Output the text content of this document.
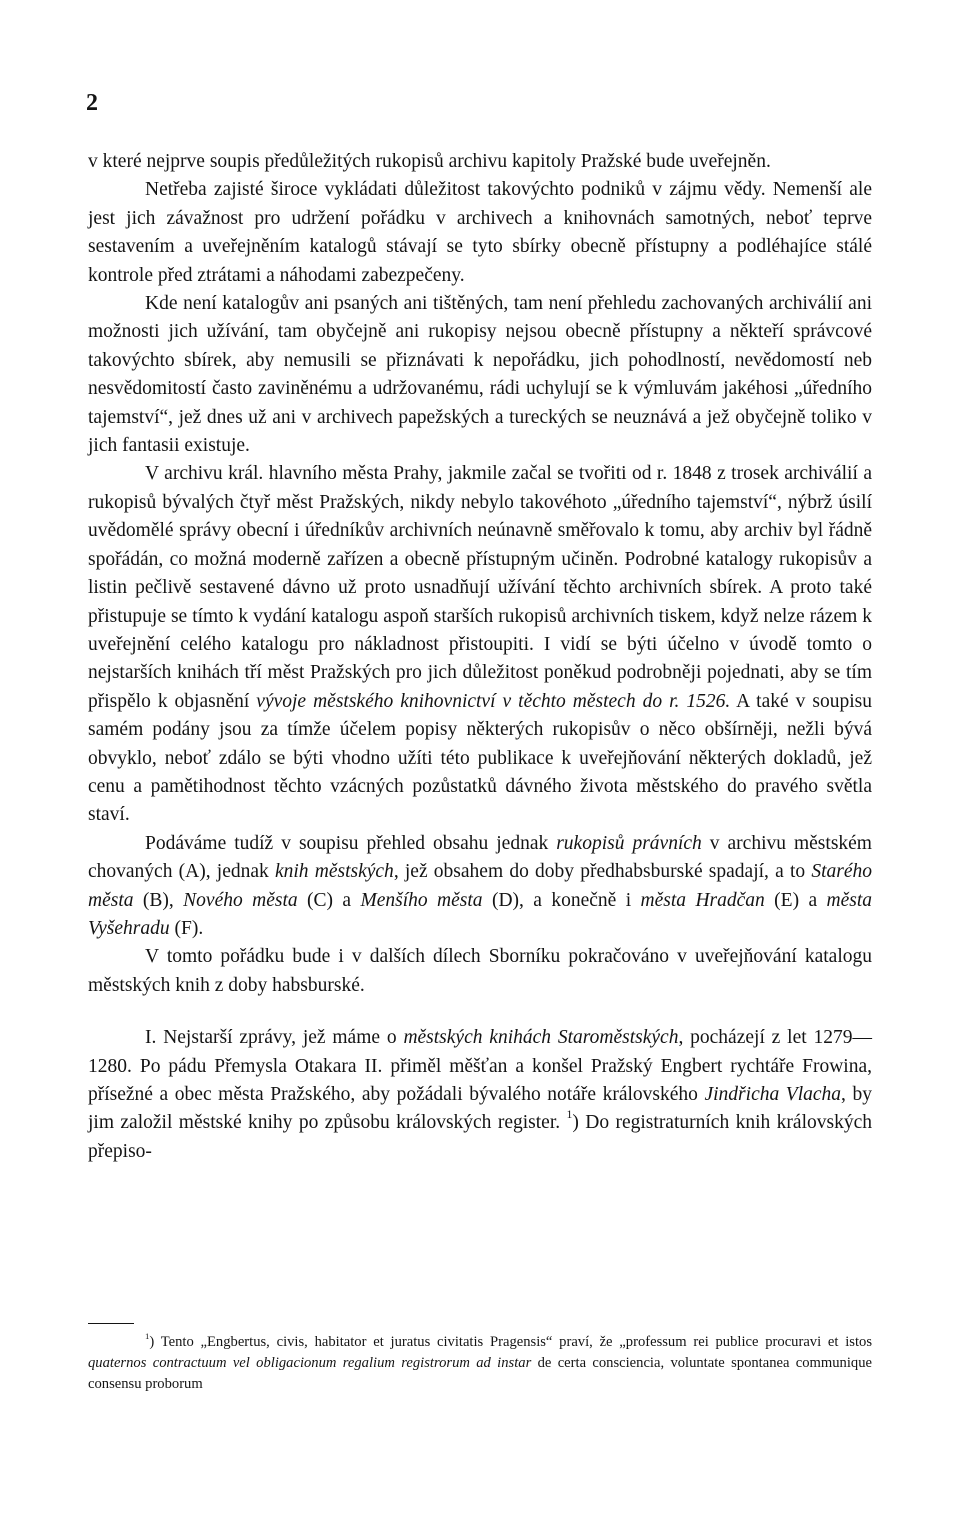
2

v které nejprve soupis předůležitých rukopisů archivu kapitoly Pražské bude uveřejněn.

Netřeba zajisté široce vykládati důležitost takovýchto podniků v zájmu vědy. Nemenší ale jest jich závažnost pro udržení pořádku v archivech a knihovnách samotných, neboť teprve sestavením a uveřejněním katalogů stávají se tyto sbírky obecně přístupny a podléhajíce stálé kontrole před ztrátami a náhodami zabezpečeny.

Kde není katalogův ani psaných ani tištěných, tam není přehledu zachovaných archiválií ani možnosti jich užívání, tam obyčejně ani rukopisy nejsou obecně přístupny a někteří správcové takovýchto sbírek, aby nemusili se přiznávati k nepořádku, jich pohodlností, nevědomostí neb nesvědomitostí často zaviněnému a udržovanému, rádi uchylují se k výmluvám jakéhosi „úředního tajemství“, jež dnes už ani v archivech papežských a tureckých se neuznává a jež obyčejně toliko v jich fantasii existuje.

V archivu král. hlavního města Prahy, jakmile začal se tvořiti od r. 1848 z trosek archiválií a rukopisů bývalých čtyř měst Pražských, nikdy nebylo takovéhoto „úředního tajemství“, nýbrž úsilí uvědomělé správy obecní i úředníkův archivních neúnavně směřovalo k tomu, aby archiv byl řádně spořádán, co možná moderně zařízen a obecně přístupným učiněn. Podrobné katalogy rukopisův a listin pečlivě sestavené dávno už proto usnadňují užívání těchto archivních sbírek. A proto také přistupuje se tímto k vydání katalogu aspoň starších rukopisů archivních tiskem, když nelze rázem k uveřejnění celého katalogu pro nákladnost přistoupiti. I vidí se býti účelno v úvodě tomto o nejstarších knihách tří měst Pražských pro jich důležitost poněkud podrobněji pojednati, aby se tím přispělo k objasnění vývoje městského knihovnictví v těchto městech do r. 1526. A také v soupisu samém podány jsou za tímže účelem popisy některých rukopisův o něco obšírněji, nežli bývá obvyklo, neboť zdálo se býti vhodno užíti této publikace k uveřejňování některých dokladů, jež cenu a pamětihodnost těchto vzácných pozůstatků dávného života městského do pravého světla staví.

Podáváme tudíž v soupisu přehled obsahu jednak rukopisů právních v archivu městském chovaných (A), jednak knih městských, jež obsahem do doby předhabsburské spadají, a to Starého města (B), Nového města (C) a Menšího města (D), a konečně i města Hradčan (E) a města Vyšehradu (F).

V tomto pořádku bude i v dalších dílech Sborníku pokračováno v uveřejňování katalogu městských knih z doby habsburské.

I. Nejstarší zprávy, jež máme o městských knihách Staroměstských, pocházejí z let 1279—1280. Po pádu Přemysla Otakara II. přiměl měšťan a konšel Pražský Engbert rychtáře Frowina, přísežné a obec města Pražského, aby požádali bývalého notáře královského Jindřicha Vlacha, by jim založil městské knihy po způsobu královských register. $^1$) Do registraturních knih královských přepiso-

$^1$) Tento „Engbertus, civis, habitator et juratus civitatis Pragensis“ praví, že „professum rei publice procuravi et istos quaternos contractuum vel obligacionum regalium registrorum ad instar de certa consciencia, voluntate spontanea communique consensu proborum
